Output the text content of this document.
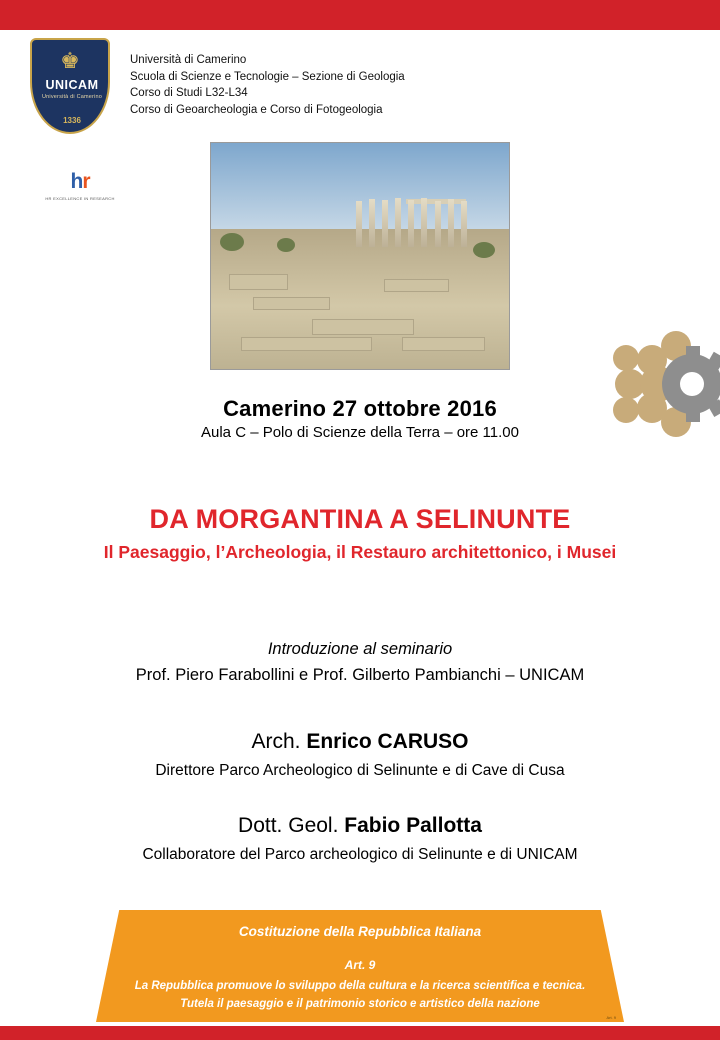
♚
UNICAM
Università di Camerino
1336
hr
HR EXCELLENCE IN RESEARCH
Università di Camerino
Scuola di Scienze e Tecnologie – Sezione di Geologia
Corso di Studi L32-L34
Corso di Geoarcheologia e Corso di Fotogeologia
Camerino 27 ottobre 2016
Aula C – Polo di Scienze della Terra – ore 11.00
DA MORGANTINA A SELINUNTE
Il Paesaggio, l’Archeologia, il Restauro architettonico, i Musei
Introduzione al seminario
Prof. Piero Farabollini e Prof. Gilberto Pambianchi – UNICAM
Arch. Enrico CARUSO
Direttore Parco Archeologico di Selinunte e di Cave di Cusa
Dott. Geol. Fabio Pallotta
Collaboratore del Parco archeologico di Selinunte e di UNICAM
Costituzione della Repubblica Italiana
Art. 9
La Repubblica promuove lo sviluppo della cultura e la ricerca scientifica e tecnica.
Tutela il paesaggio e il patrimonio storico e artistico della nazione
Art. 9
